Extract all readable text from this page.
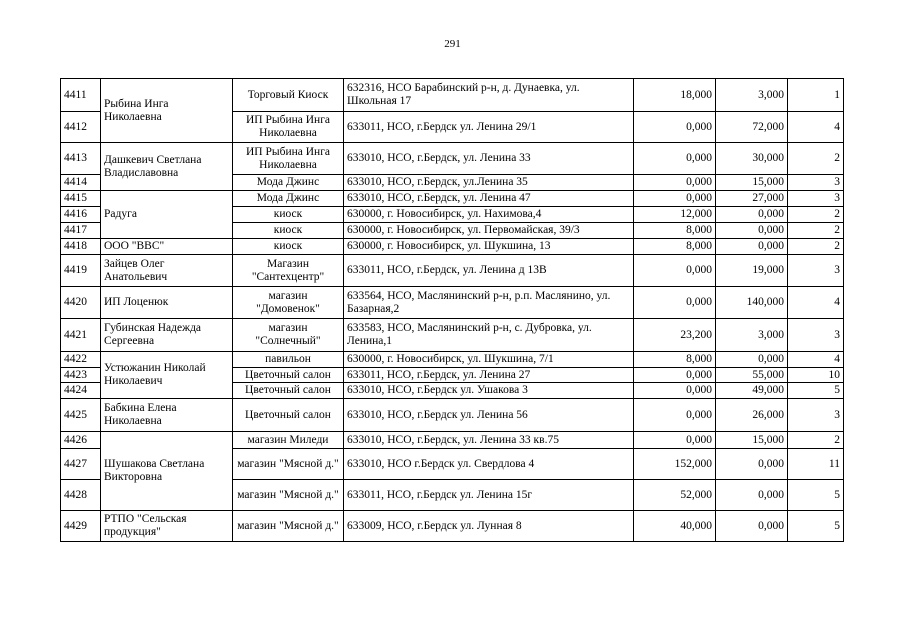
291
4411	Рыбина Инга Николаевна	Торговый Киоск	632316, НСО Барабинский р-н, д. Дунаевка, ул. Школьная 17	18,000	3,000	1
4412		ИП Рыбина Инга Николаевна	633011, НСО, г.Бердск ул. Ленина 29/1	0,000	72,000	4
4413	Дашкевич Светлана Владиславовна	ИП Рыбина Инга Николаевна	633010, НСО, г.Бердск, ул. Ленина 33	0,000	30,000	2
4414		Мода Джинс	633010, НСО, г.Бердск, ул.Ленина 35	0,000	15,000	3
4415	Радуга	Мода Джинс	633010, НСО, г.Бердск, ул. Ленина 47	0,000	27,000	3
4416		киоск	630000, г. Новосибирск, ул. Нахимова,4	12,000	0,000	2
4417		киоск	630000, г. Новосибирск, ул. Первомайская, 39/3	8,000	0,000	2
4418	ООО "ВВС"	киоск	630000, г. Новосибирск, ул. Шукшина, 13	8,000	0,000	2
4419	Зайцев Олег Анатольевич	Магазин "Сантехцентр"	633011, НСО, г.Бердск, ул. Ленина д 13В	0,000	19,000	3
4420	ИП Лоценюк	магазин "Домовенок"	633564, НСО, Маслянинский р-н, р.п. Маслянино, ул. Базарная,2	0,000	140,000	4
4421	Губинская Надежда Сергеевна	магазин "Солнечный"	633583, НСО, Маслянинский р-н, с. Дубровка, ул. Ленина,1	23,200	3,000	3
4422	Устюжанин Николай Николаевич	павильон	630000, г. Новосибирск, ул. Шукшина, 7/1	8,000	0,000	4
4423		Цветочный салон	633011, НСО, г.Бердск, ул. Ленина 27	0,000	55,000	10
4424		Цветочный салон	633010, НСО, г.Бердск ул. Ушакова 3	0,000	49,000	5
4425	Бабкина Елена Николаевна	Цветочный салон	633010, НСО, г.Бердск ул. Ленина 56	0,000	26,000	3
4426	Шушакова Светлана Викторовна	магазин Миледи	633010, НСО, г.Бердск, ул. Ленина 33 кв.75	0,000	15,000	2
4427		магазин "Мясной д."	633010, НСО г.Бердск ул. Свердлова 4	152,000	0,000	11
4428		магазин "Мясной д."	633011, НСО, г.Бердск ул. Ленина 15г	52,000	0,000	5
4429	РТПО "Сельская продукция"	магазин "Мясной д."	633009, НСО, г.Бердск ул. Лунная 8	40,000	0,000	5
